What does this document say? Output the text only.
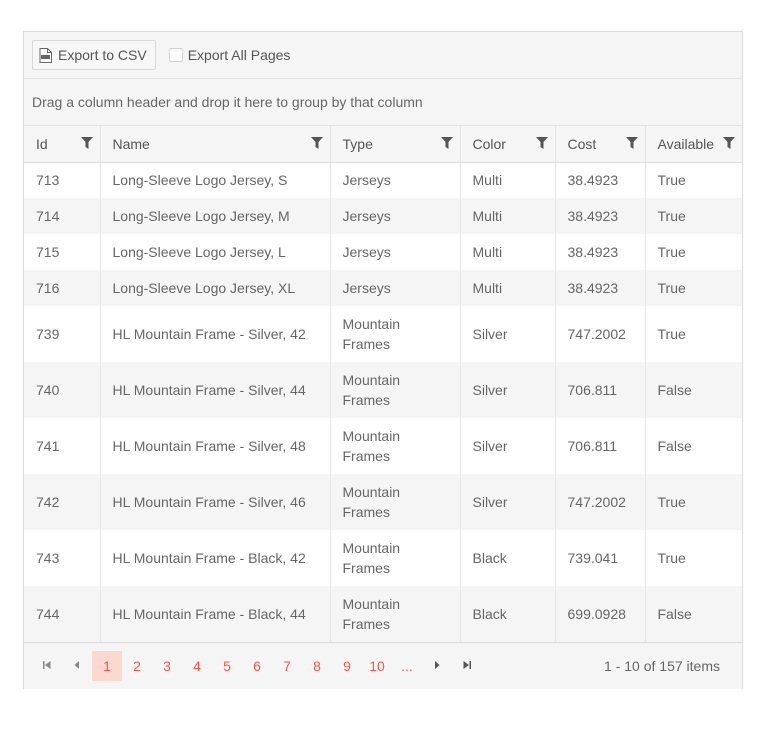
Export to CSV	Export All Pages
Drag a column header and drop it here to group by that column
Id	Name	Type	Color	Cost	Available

713	Long-Sleeve Logo Jersey, S	Jerseys	Multi	38.4923	True
714	Long-Sleeve Logo Jersey, M	Jerseys	Multi	38.4923	True
715	Long-Sleeve Logo Jersey, L	Jerseys	Multi	38.4923	True
716	Long-Sleeve Logo Jersey, XL	Jerseys	Multi	38.4923	True
739	HL Mountain Frame - Silver, 42	Mountain Frames	Silver	747.2002	True
740	HL Mountain Frame - Silver, 44	Mountain Frames	Silver	706.811	False
741	HL Mountain Frame - Silver, 48	Mountain Frames	Silver	706.811	False
742	HL Mountain Frame - Silver, 46	Mountain Frames	Silver	747.2002	True
743	HL Mountain Frame - Black, 42	Mountain Frames	Black	739.041	True
744	HL Mountain Frame - Black, 44	Mountain Frames	Black	699.0928	False
1	2	3	4	5	6	7	8	9	10	...	1 - 10 of 157 items
